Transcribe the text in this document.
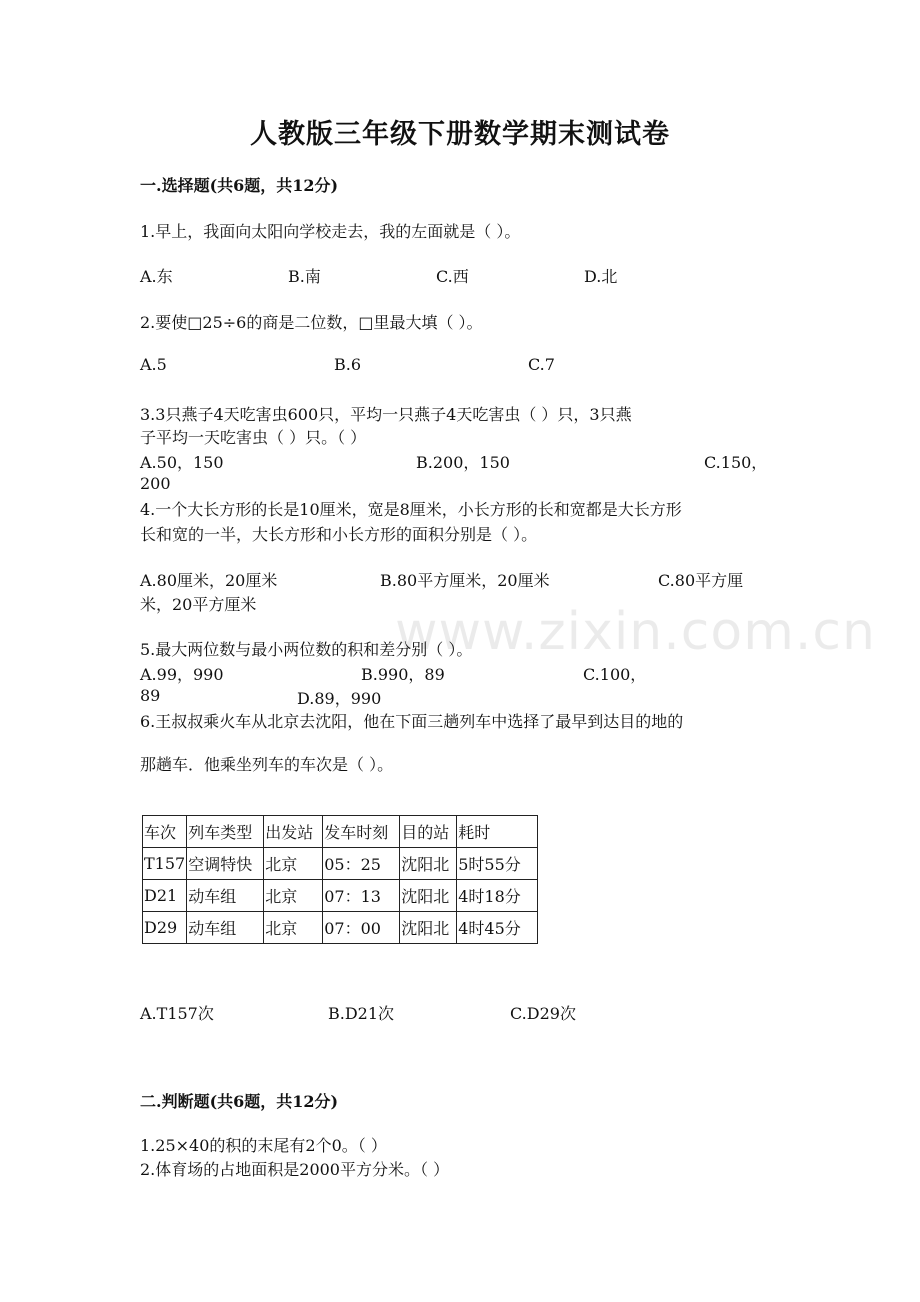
www.zixin.com.cn
人教版三年级下册数学期末测试卷
一.选择题(共6题，共12分)
1.早上，我面向太阳向学校走去，我的左面就是（ ）。
A.东	B.南	C.西	D.北
2.要使□25÷6的商是二位数，□里最大填（ ）。
A.5	B.6	C.7
3.3只燕子4天吃害虫600只，平均一只燕子4天吃害虫（ ）只，3只燕
子平均一天吃害虫（ ）只。（ ）
A.50，150	B.200，150	C.150，
200
4.一个大长方形的长是10厘米，宽是8厘米，小长方形的长和宽都是大长方形
长和宽的一半，大长方形和小长方形的面积分别是（ ）。
A.80厘米，20厘米	B.80平方厘米，20厘米	C.80平方厘
米，20平方厘米
5.最大两位数与最小两位数的积和差分别（ ）。
A.99，990	B.990，89	C.100，
89	D.89，990
6.王叔叔乘火车从北京去沈阳，他在下面三趟列车中选择了最早到达目的地的
那趟车．他乘坐列车的车次是（ ）。
车次	列车类型	出发站	发车时刻	目的站	耗时
T157	空调特快	北京	05：25	沈阳北	5时55分
D21	动车组	北京	07：13	沈阳北	4时18分
D29	动车组	北京	07：00	沈阳北	4时45分
A.T157次	B.D21次	C.D29次
二.判断题(共6题，共12分)
1.25×40的积的末尾有2个0。（ ）
2.体育场的占地面积是2000平方分米。（ ）
